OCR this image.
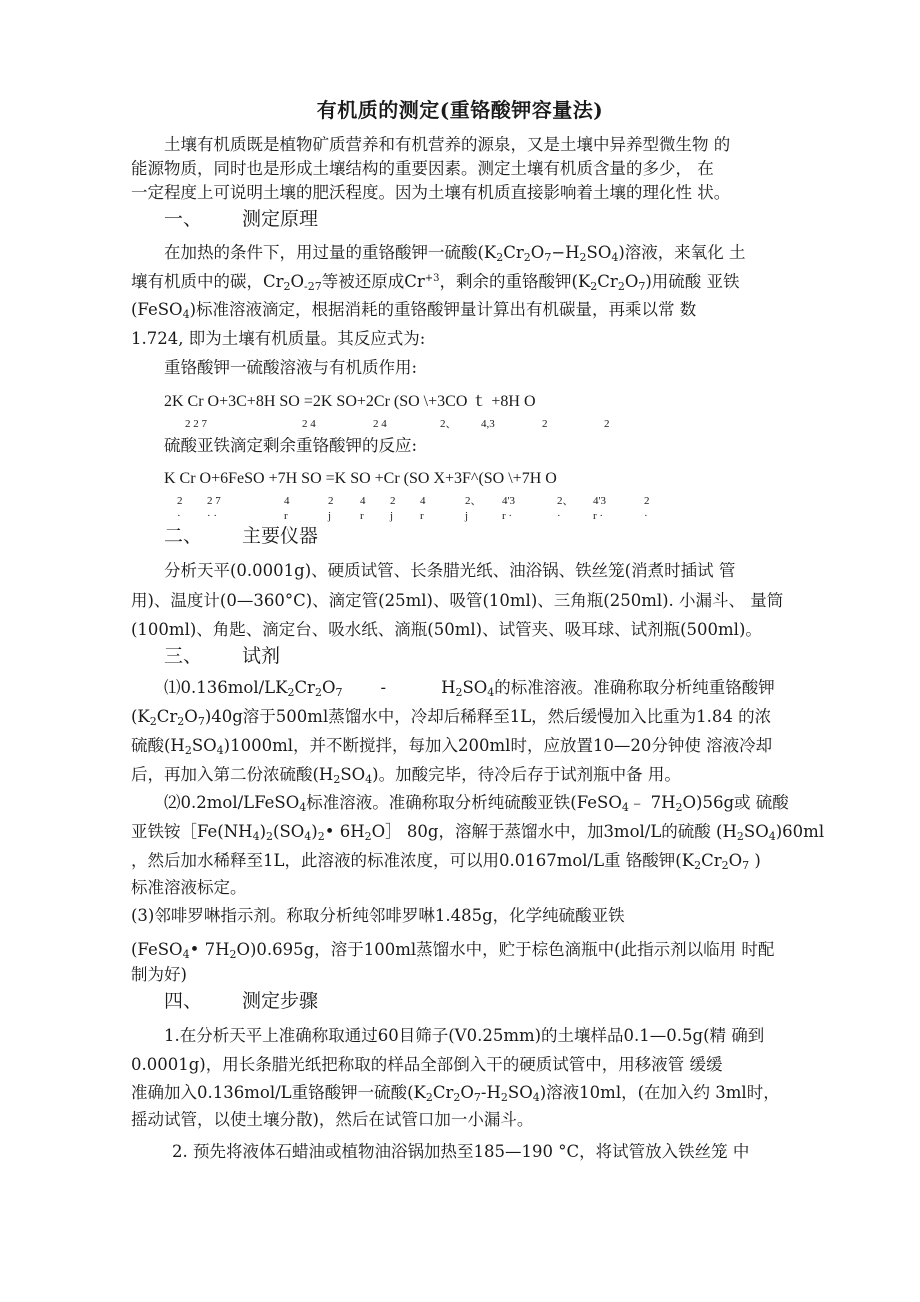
有机质的测定(重铬酸钾容量法)
土壤有机质既是植物矿质营养和有机营养的源泉，又是土壤中异养型微生物 的
能源物质，同时也是形成土壤结构的重要因素。测定土壤有机质含量的多少， 在
一定程度上可说明土壤的肥沃程度。因为土壤有机质直接影响着土壤的理化性 状。
一、 测定原理
在加热的条件下，用过量的重铬酸钾一硫酸$(K_2Cr_2O_7-H_2SO_4)$溶液，来氧化 土
壤有机质中的碳，$Cr_2O_{-27}$等被还原成$Cr^{+3}$，剩余的重铬酸钾$(K_2Cr_2O_7)$用硫酸 亚铁
(FeSO$_4$)标准溶液滴定，根据消耗的重铬酸钾量计算出有机碳量，再乘以常 数
1.724, 即为土壤有机质量。其反应式为:
重铬酸钾一硫酸溶液与有机质作用:
2K Cr O+3C+8H SO =2K SO+2Cr (SO \+3CO ｔ +8H O
2 2 7	2 4	2 4	2、 4,3	2	2
硫酸亚铁滴定剩余重铬酸钾的反应:
K Cr O+6FeSO +7H SO =K SO +Cr (SO X+3F^(SO \+7H O
2 2 7	4	2 4 2 4	2、 4'3	2、 4'3	2
· · ·	r	j	r j r	j	r ·	·	r ·	·
二、 主要仪器
分析天平(0.0001g)、硬质试管、长条腊光纸、油浴锅、铁丝笼(消煮时插试 管
用)、温度计(0—360°C)、滴定管(25ml)、吸管(10ml)、三角瓶(250ml). 小漏斗、 量筒
(100ml)、角匙、滴定台、吸水纸、滴瓶(50ml)、试管夹、吸耳球、试剂瓶(500ml)。
三、 试剂
$⑴0.136mol/LK_2Cr_2O_7$ -	$H_2SO_4$的标准溶液。准确称取分析纯重铬酸钾
$(K_2Cr_2O_7)40g$溶于500ml蒸馏水中，冷却后稀释至1L，然后缓慢加入比重为1.84 的浓
硫酸$(H_2SO_4)1000ml$，并不断搅拌，每加入200ml时，应放置10—20分钟使 溶液冷却
后，再加入第二份浓硫酸$(H_2SO_4)$。加酸完毕，待冷后存于试剂瓶中备 用。
⑵0.2mol/LFeSO$_4$标准溶液。准确称取分析纯硫酸亚铁(FeSO$_4$﹣ $7H_2O)56g$或 硫酸
亚铁铵$[Fe(NH_4)_2(SO_4)_2•$ $6H_2O]$ 80g，溶解于蒸馏水中，加3mol/L的硫酸 $(H_2SO_4)60ml$
，然后加水稀释至1L，此溶液的标准浓度，可以用0.0167mol/L重 铬酸钾($K_2Cr_2O_7$ )
标准溶液标定。
(3)邻啡罗啉指示剂。称取分析纯邻啡罗啉1.485g，化学纯硫酸亚铁
(FeSO$_4$• $7H_2O)0.695g$，溶于100ml蒸馏水中，贮于棕色滴瓶中(此指示剂以临用 时配
制为好)
四、 测定步骤
1.在分析天平上准确称取通过60目筛子(V0.25mm)的土壤样品0.1—0.5g(精 确到
0.0001g)，用长条腊光纸把称取的样品全部倒入干的硬质试管中，用移液管 缓缓
准确加入0.136mol/L重铬酸钾一硫酸$(K_2Cr_2O_7-H_2SO_4)$溶液10ml，(在加入约 3ml时，
摇动试管，以使土壤分散)，然后在试管口加一小漏斗。
2. 预先将液体石蜡油或植物油浴锅加热至185—190 °C，将试管放入铁丝笼 中
